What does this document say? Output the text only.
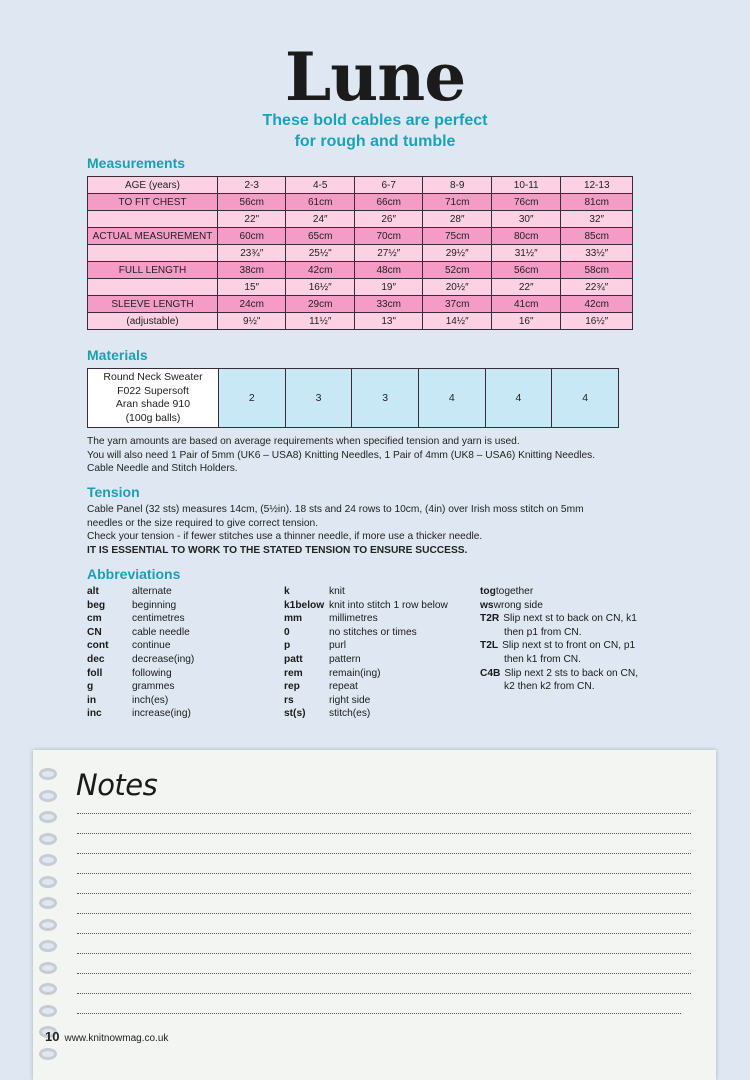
Lune
These bold cables are perfect
for rough and tumble
Measurements
AGE (years)	2-3	4-5	6-7	8-9	10-11	12-13
TO FIT CHEST	56cm	61cm	66cm	71cm	76cm	81cm
	22"	24″	26″	28″	30″	32″
ACTUAL MEASUREMENT	60cm	65cm	70cm	75cm	80cm	85cm
	23¾″	25½"	27½″	29½″	31½″	33½″
FULL LENGTH	38cm	42cm	48cm	52cm	56cm	58cm
	15″	16½″	19″	20½″	22″	22¾″
SLEEVE LENGTH	24cm	29cm	33cm	37cm	41cm	42cm
(adjustable)	9½"	11½″	13"	14½″	16"	16½″
Materials
Round Neck Sweater
F022 Supersoft
Aran shade 910
(100g balls)
	2	3	3	4	4	4
The yarn amounts are based on average requirements when specified tension and yarn is used.
You will also need 1 Pair of 5mm (UK6 – USA8) Knitting Needles, 1 Pair of 4mm (UK8 – USA6) Knitting Needles. Cable Needle and Stitch Holders.
Tension
Cable Panel (32 sts) measures 14cm, (5½in). 18 sts and 24 rows to 10cm, (4in) over Irish moss stitch on 5mm needles or the size required to give correct tension.
Check your tension - if fewer stitches use a thinner needle, if more use a thicker needle.
IT IS ESSENTIAL TO WORK TO THE STATED TENSION TO ENSURE SUCCESS.
Abbreviations
alt	alternate
beg	beginning
cm	centimetres
CN	cable needle
cont	continue
dec	decrease(ing)
foll	following
g	grammes
in	inch(es)
inc	increase(ing)
k	knit
k1below knit into stitch 1 row below
mm	millimetres
0	no stitches or times
p	purl
patt	pattern
rem	remain(ing)
rep	repeat
rs	right side
st(s)	stitch(es)
tog together
ws wrong side
T2R Slip next st to back on CN, k1
then p1 from CN.
T2L Slip next st to front on CN, p1
then k1 from CN.
C4B Slip next 2 sts to back on CN,
k2 then k2 from CN.
Notes
10 www.knitnowmag.co.uk
